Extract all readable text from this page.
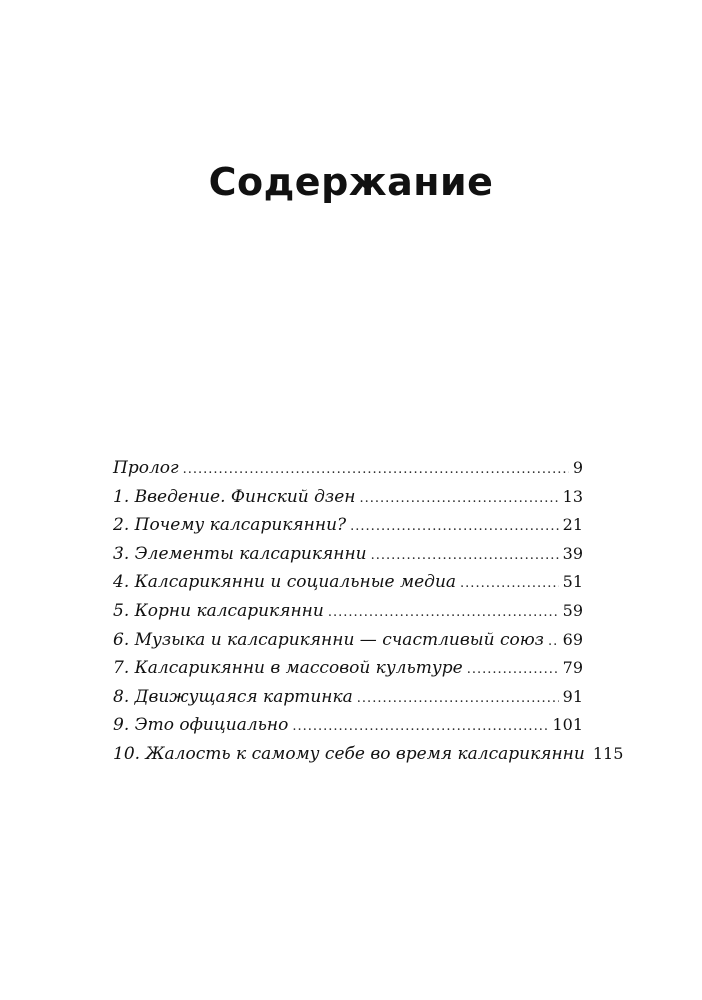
Содержание
Пролог .....	9
1. Введение. Финский дзен .....	13
2. Почему калсарикянни? .....	21
3. Элементы калсарикянни .....	39
4. Калсарикянни и социальные медиа .....	51
5. Корни калсарикянни .....	59
6. Музыка и калсарикянни — счастливый союз ..... 69
7. Калсарикянни в массовой культуре .....	79
8. Движущаяся картинка .....	91
9. Это официально .....	101
10. Жалость к самому себе во время калсарикянни 115
